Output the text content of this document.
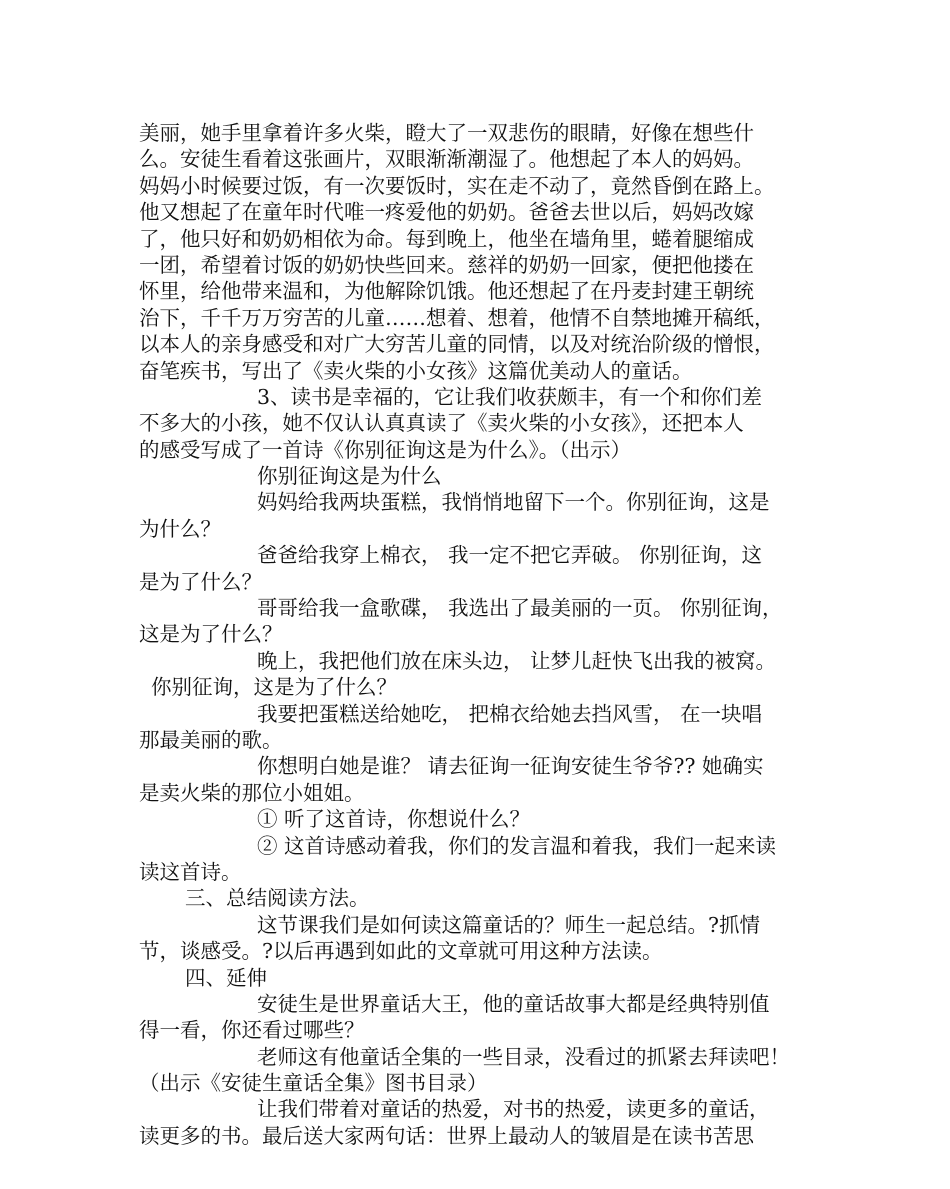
美丽，她手里拿着许多火柴，瞪大了一双悲伤的眼睛，好像在想些什
么。安徒生看着这张画片，双眼渐渐潮湿了。他想起了本人的妈妈。
妈妈小时候要过饭，有一次要饭时，实在走不动了，竟然昏倒在路上。
他又想起了在童年时代唯一疼爱他的奶奶。爸爸去世以后，妈妈改嫁
了，他只好和奶奶相依为命。每到晚上，他坐在墙角里，蜷着腿缩成
一团，希望着讨饭的奶奶快些回来。慈祥的奶奶一回家，便把他搂在
怀里，给他带来温和，为他解除饥饿。他还想起了在丹麦封建王朝统
治下，千千万万穷苦的儿童……想着、想着，他情不自禁地摊开稿纸，
以本人的亲身感受和对广大穷苦儿童的同情，以及对统治阶级的憎恨，
奋笔疾书，写出了《卖火柴的小女孩》这篇优美动人的童话。
3、读书是幸福的，它让我们收获颇丰，有一个和你们差
不多大的小孩，她不仅认认真真读了《卖火柴的小女孩》，还把本人
的感受写成了一首诗《你别征询这是为什么》。（出示）
你别征询这是为什么
妈妈给我两块蛋糕，我悄悄地留下一个。你别征询，这是
为什么？
爸爸给我穿上棉衣， 我一定不把它弄破。 你别征询，这
是为了什么？
哥哥给我一盒歌碟， 我选出了最美丽的一页。 你别征询，
这是为了什么？
晚上，我把他们放在床头边， 让梦儿赶快飞出我的被窝。
你别征询，这是为了什么？
我要把蛋糕送给她吃， 把棉衣给她去挡风雪， 在一块唱
那最美丽的歌。
你想明白她是谁？ 请去征询一征询安徒生爷爷?? 她确实
是卖火柴的那位小姐姐。
① 听了这首诗，你想说什么？
② 这首诗感动着我，你们的发言温和着我，我们一起来读
读这首诗。
三、总结阅读方法。
这节课我们是如何读这篇童话的？师生一起总结。?抓情
节，谈感受。?以后再遇到如此的文章就可用这种方法读。
四、延伸
安徒生是世界童话大王，他的童话故事大都是经典特别值
得一看，你还看过哪些？
老师这有他童话全集的一些目录，没看过的抓紧去拜读吧！
（出示《安徒生童话全集》图书目录）
让我们带着对童话的热爱，对书的热爱，读更多的童话，
读更多的书。最后送大家两句话：世界上最动人的皱眉是在读书苦思
